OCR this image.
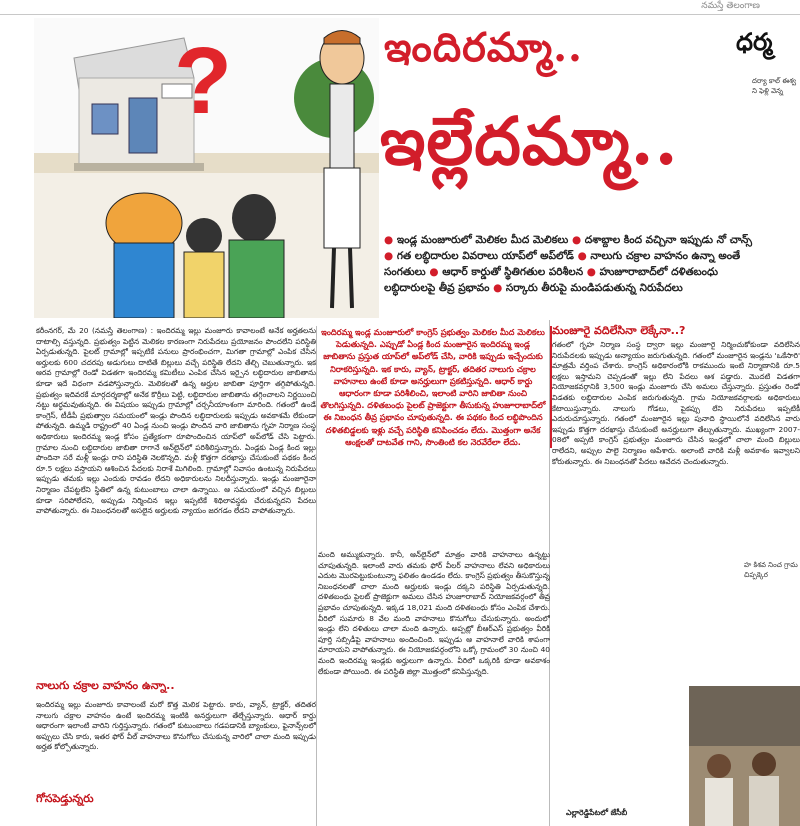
నమస్తే తెలంగాణ
?	ఇందిరమ్మా..
ఇల్లేదమ్మా..
ధర్మ
దర్యా కాల్ ఈశ్వ ని ఫెళ్లి వెన్న
● ఇండ్ల మంజూరులో మెలికల మీద మెలికలు ● దశాబ్దాల కింద వచ్చినా ఇప్పుడు నో చాన్స్ ● గత లబ్ధిదారుల వివరాలు యాప్‌లో అప్‌లోడ్ ● నాలుగు చక్రాల వాహనం ఉన్నా అంతే సంగతులు ● ఆధార్ కార్డుతో స్థితిగతుల పరిశీలన ● హుజూరాబాద్‌లో దళితబంధు లబ్ధిదారులపై తీవ్ర ప్రభావం ● సర్కారు తీరుపై మండిపడుతున్న నిరుపేదలు
కరీంనగర్, మే 20 (నమస్తే తెలంగాణ) : ఇందిరమ్మ ఇల్లు మంజూరు కావాలంటే అనేక అర్హతలను దాటాల్సి వస్తున్నది. ప్రభుత్వం పెట్టిన మెలికల కారణంగా నిరుపేదలు ప్రయోజనం పొందలేని పరిస్థితి ఏర్పడుతున్నది. పైలట్ గ్రామాల్లో ఇప్పటికే పనులు ప్రారంభించగా, మిగతా గ్రామాల్లో ఎంపిక చేసిన అర్హులకు 600 చదరపు అడుగులు దాటితే బిల్లులు వచ్చే పరిస్థితి లేదని తేల్చి చెబుతున్నారు. ఇక ఆరవ గ్రామాల్లో రెండో విడతగా ఇందిరమ్మ కమిటీలు ఎంపిక చేసిన ఇర్పైన లబ్ధిదారుల జాబితాను కూడా ఇదే విధంగా వడపోస్తున్నారు. మెలికలతో ఉన్న అర్హుల జాబితా పూర్తిగా తగ్గిపోతున్నది. ప్రభుత్వం ఇదివరకే మార్గదర్శకాల్లో అనేక కొర్రీలు పెట్టి, లబ్ధిదారుల జాబితాను తగ్గించాలని నిర్ణయించి నట్టు అర్థమవుతున్నది. ఈ విషయం ఇప్పుడు గ్రామాల్లో చర్చనీయాంశంగా మారింది. గతంలో ఉండే కాంగ్రెస్, టీడీపీ ప్రభుత్వాల సమయంలో ఇండ్లు పొందిన లబ్ధిదారులకు ఇప్పుడు అవకాశమే లేకుండా పోతున్నది. ఉమ్మడి రాష్ట్రంలో 40 ఏండ్ల నుంచి ఇండ్లు పొందిన వారి జాబితాను గృహ నిర్మాణ సంస్థ అధికారులు ఇందిరమ్మ ఇండ్ల కోసం ప్రత్యేకంగా రూపొందించిన యాప్‌లో అప్‌లోడ్ చేసి పెట్టారు. గ్రామాల నుంచి లబ్ధిదారుల జాబితా రాగానే ఆన్‌లైన్‌లో పరిశీలిస్తున్నారు. ఏండ్లకు ఏండ్ల కింద ఇల్లు పొందినా సరే మళ్లీ ఇండ్లు రాని పరిస్థితి నెలకొన్నది. మళ్లీ కొత్తగా దరఖాస్తు చేసుకుంటే పథకం కింద రూ.5 లక్షలు వస్తాయని ఆశించిన పేదలకు నిరాశే మిగిలింది. గ్రామాల్లో నివాసం ఉంటున్న నిరుపేదలు ఇప్పుడు తమకు ఇల్లు ఎందుకు రావడం లేదని అధికారులను నిలదీస్తున్నారు. ఇండ్లు మంజూరైనా నిర్మాణం చేపట్టలేని స్థితిలో ఉన్న కుటుంబాలు చాలా ఉన్నాయి. ఆ సమయంలో వచ్చిన బిల్లులు కూడా సరిపోలేదని, అప్పుడు నిర్మించిన ఇల్లు ఇప్పటికే శిథిలావస్థకు చేరుకున్నదని పేదలు వాపోతున్నారు. ఈ నిబంధనలతో అసలైన అర్హులకు న్యాయం జరగడం లేదని వాపోతున్నారు.
నాలుగు చక్రాల వాహనం ఉన్నా..
ఇందిరమ్మ ఇల్లు మంజూరు కావాలంటే మరో కొత్త మెలిక పెట్టారు. కారు, వ్యాన్, ట్రాక్టర్, తదితర నాలుగు చక్రాల వాహనం ఉంటే ఇందిరమ్మ ఇంటికి అనర్హులుగా తేల్చేస్తున్నారు. ఆధార్ కార్డు ఆధారంగా ఇలాంటి వారిని గుర్తిస్తున్నారు. గతంలో కుటుంబాలు గడపడానికి బ్యాంకులు, ఫైనాన్స్‌లలో అప్పులు చేసి కారు, ఇతర ఫోర్ వీల్ వాహనాలు కొనుగోలు చేసుకున్న వారిలో చాలా మంది ఇప్పుడు అర్హత కోల్పోతున్నారు.
గోసపెడ్తున్నరు
ఇందిరమ్మ ఇండ్ల మంజూరులో కాంగ్రెస్ ప్రభుత్వం మెలికల మీద మెలికలు పెడుతున్నది. ఎప్పుడో ఏండ్ల కింద మంజూరైన ఇందిరమ్మ ఇండ్ల జాబితాను ప్రస్తుత యాప్‌లో అప్‌లోడ్ చేసి, వారికి ఇప్పుడు ఇచ్చేందుకు నిరాకరిస్తున్నది. ఇక కారు, వ్యాన్, ట్రాక్టర్, తదితర నాలుగు చక్రాల వాహనాలు ఉంటే కూడా అనర్హులుగా ప్రకటిస్తున్నది. ఆధార్ కార్డు ఆధారంగా కూడా పరిశీలించి, ఇలాంటి వారిని జాబితా నుంచి తొలగిస్తున్నది. దళితబంధు పైలట్ ప్రాజెక్టుగా తీసుకున్న హుజూరాబాద్‌లో ఈ నిబంధన తీవ్ర ప్రభావం చూపుతున్నది. ఈ పథకం కింద లబ్ధిపొందిన దళితబిడ్డలకు ఇళ్లు వచ్చే పరిస్థితి కనిపించడం లేదు. మొత్తంగా అనేక ఆంక్షలతో దాటవేత గాని, సొంతింటి కల నెరవేరేలా లేదు.
మంది అమ్ముకున్నారు. కానీ, ఆన్‌లైన్‌లో మాత్రం వారికి వాహనాలు ఉన్నట్టు చూపుతున్నది. ఇలాంటి వారు తమకు ఫోర్ వీలర్ వాహనాలు లేవని అధికారులు ఎదుట మొరపెట్టుకుంటున్నా ఫలితం ఉండడం లేదు. కాంగ్రెస్ ప్రభుత్వం తీసుకొస్తున్న నిబంధనలతో చాలా మంది అర్హులకు ఇండ్లు దక్కని పరిస్థితి ఏర్పడుతున్నది. దళితబంధు పైలట్ ప్రాజెక్టుగా అమలు చేసిన హుజూరాబాద్ నియోజకవర్గంలో తీవ్ర ప్రభావం చూపుతున్నది. ఇక్కడ 18,021 మంది దళితబంధు కోసం ఎంపిక చేశారు. వీరిలో సుమారు 8 వేల మంది వాహనాలు కొనుగోలు చేసుకున్నారు. అందులో ఇండ్లు లేని దళితులు చాలా మంది ఉన్నారు. అప్పట్లో బీఆర్ఎస్ ప్రభుత్వం వీరికి పూర్తి సబ్సిడీపై వాహనాలు అందించింది. ఇప్పుడు ఆ వాహనాలే వారికి శాపంగా మారాయని వాపోతున్నారు. ఈ నియోజకవర్గంలోని ఒక్కో గ్రామంలో 30 నుంచి 40 మంది ఇందిరమ్మ ఇండ్లకు అర్హులుగా ఉన్నారు. వీరిలో ఒక్కరికి కూడా అవకాశం లేకుండా పోయింది. ఈ పరిస్థితి జిల్లా మొత్తంలో కనిపిస్తున్నది.
మంజూరై వదిలేసినా లెక్కేనా..?
గతంలో గృహ నిర్మాణ సంస్థ ద్వారా ఇల్లు మంజూరై నిర్మించుకోకుండా వదిలేసిన నిరుపేదలకు ఇప్పుడు అన్యాయం జరుగుతున్నది. గతంలో మంజూరైన ఇండ్లను 'ఒకేసారి' మాత్రమే వర్తింప చేశారు. కాంగ్రెస్ అధికారంలోకి రాకముందు ఇంటి నిర్మాణానికి రూ.5 లక్షలు ఇస్తామని చెప్పడంతో ఇల్లు లేని పేదలు ఆశ పడ్డారు. మొదటి విడతగా నియోజకవర్గానికి 3,500 ఇండ్లు మంజూరు చేసి అమలు చేస్తున్నారు. ప్రస్తుతం రెండో విడతకు లబ్ధిదారుల ఎంపిక జరుగుతున్నది. గ్రామ నియోజకవర్గాలకు అధికారులు కేటాయిస్తున్నారు. నాలుగు గోడలు, పైకప్పు లేని నిరుపేదలు ఇప్పటికీ ఎదురుచూస్తున్నారు. గతంలో మంజూరైన ఇల్లు పునాది స్థాయిలోనే వదిలేసిన వారు ఇప్పుడు కొత్తగా దరఖాస్తు చేసుకుంటే అనర్హులుగా తేల్చుతున్నారు. ముఖ్యంగా 2007-08లో అప్పటి కాంగ్రెస్ ప్రభుత్వం మంజూరు చేసిన ఇండ్లలో చాలా మంది బిల్లులు రాలేదని, అప్పుల పాలై నిర్మాణం ఆపేశారు. అలాంటి వారికి మళ్లీ అవకాశం ఇవ్వాలని కోరుతున్నారు. ఈ నిబంధనతో పేదలు ఆవేదన చెందుతున్నారు.
హ కిశవ నించ గ్రామ చిప్పక్కెర
ఎల్లారెడ్డిపేటలో జేసీబీ
